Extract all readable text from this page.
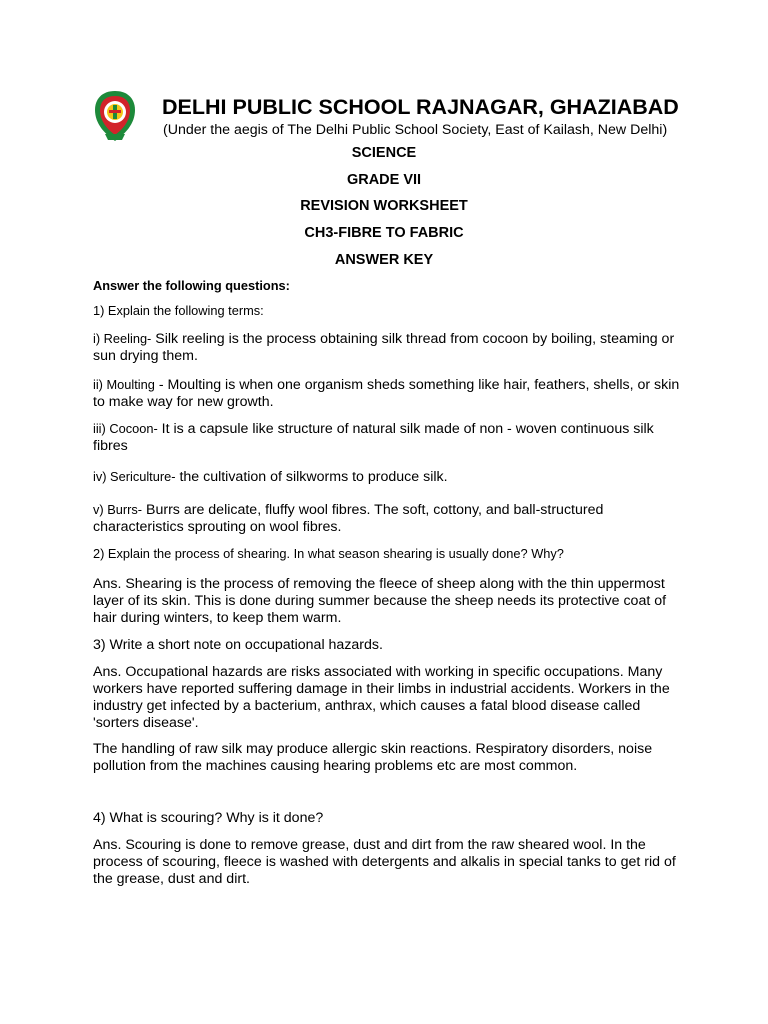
DELHI PUBLIC SCHOOL RAJNAGAR, GHAZIABAD
(Under the aegis of The Delhi Public School Society, East of Kailash, New Delhi)
SCIENCE
GRADE VII
REVISION WORKSHEET
CH3-FIBRE TO FABRIC
ANSWER KEY
Answer the following questions:
1) Explain the following terms:
i) Reeling- Silk reeling is the process obtaining silk thread from cocoon by boiling, steaming or sun drying them.
ii) Moulting - Moulting is when one organism sheds something like hair, feathers, shells, or skin to make way for new growth.
iii) Cocoon- It is a capsule like structure of natural silk made of non - woven continuous silk fibres
iv) Sericulture- the cultivation of silkworms to produce silk.
v) Burrs- Burrs are delicate, fluffy wool fibres. The soft, cottony, and ball-structured characteristics sprouting on wool fibres.
2) Explain the process of shearing. In what season shearing is usually done? Why?
Ans. Shearing is the process of removing the fleece of sheep along with the thin uppermost layer of its skin. This is done during summer because the sheep needs its protective coat of hair during winters, to keep them warm.
3) Write a short note on occupational hazards.
Ans. Occupational hazards are risks associated with working in specific occupations. Many workers have reported suffering damage in their limbs in industrial accidents. Workers in the industry get infected by a bacterium, anthrax, which causes a fatal blood disease called 'sorters disease'.
The handling of raw silk may produce allergic skin reactions. Respiratory disorders, noise pollution from the machines causing hearing problems etc are most common.
4) What is scouring? Why is it done?
Ans. Scouring is done to remove grease, dust and dirt from the raw sheared wool. In the process of scouring, fleece is washed with detergents and alkalis in special tanks to get rid of the grease, dust and dirt.
